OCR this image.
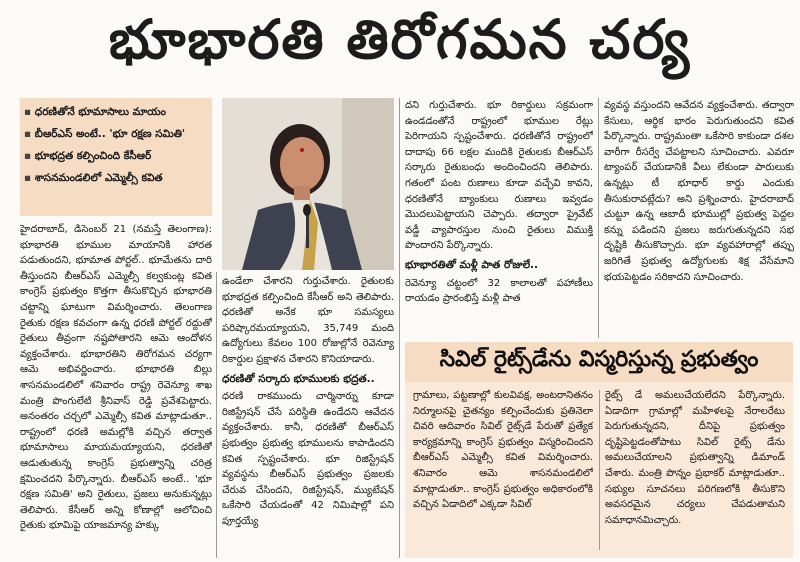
భూభారతి తిరోగమన చర్య
▪ ధరణితోనే భూమాసాలు మాయం
▪ బీఆర్ఎస్ అంటే.. 'భూ రక్షణ సమితి'
▪ భూభద్రత కల్పించింది కేసీఆర్
▪ శాసనమండలిలో ఎమ్మెల్సీ కవిత

హైదరాబాద్, డిసెంబర్ 21 (నమస్తే తెలంగాణ): భూభారతి భూముల మాయానికి హారత పడుతుందని, భూమాత పోర్టల్.. భూమేతను దారి తీస్తుందని బీఆర్ఎస్ ఎమ్మెల్సీ కల్వకుంట్ల కవిత కాంగ్రెస్ ప్రభుత్వం కొత్తగా తీసుకొచ్చిన భూభారతి చట్టాన్ని ఘాటుగా విమర్శించారు. తెలంగాణ రైతుకు రక్షణ కవచంగా ఉన్న ధరణి పోర్టల్ రద్దుతో రైతులు తీవ్రంగా నష్టపోతారని ఆమె ఆందోళన వ్యక్తంచేశారు. భూభారతిని తిరోగమన చర్యగా ఆమె అభివర్ణించారు. భూభారతి బిల్లు శాసనమండలిలో శనివారం రాష్ట్ర రెవెన్యూ శాఖ మంత్రి పొంగులేటి శ్రీనివాస్ రెడ్డి ప్రవేశపెట్టారు. అనంతరం చర్చలో ఎమ్మెల్సీ కవిత మాట్లాడుతూ.. రాష్ట్రంలో ధరణి అమల్లోకి వచ్చిన తర్వాత భూమాసాలు మాయమయ్యాయని, ధరణితో ఆడుతుతున్న కాంగ్రెస్ ప్రభుత్వాన్ని చరిత్ర క్షమించదని పేర్కొన్నారు. బీఆర్ఎస్ అంటే.. 'భూ రక్షణ సమితి' అని రైతులు, ప్రజలు అనుకున్నట్లు తెలిపారు. కేసీఆర్ అన్ని కోణాల్లో ఆలోచించి రైతుకు భూమిపై యాజమాన్య హక్కు

ఉండేలా చేశారని గుర్తుచేశారు. రైతులకు భూభద్రత కల్పించింది కేసీఆర్ అని తెలిపారు. ధరణితో అనేక భూ సమస్యలు పరిష్కారమయ్యాయని, 35,749 మంది ఉద్యోగులు కేవలం 100 రోజుల్లోనే రెవెన్యూ రికార్డుల ప్రక్షాళన చేశారని కొనియాడారు.

ధరణితో సర్కారు భూములకు భద్రత..

ధరణి రాకముందు చార్మినార్ను కూడా రిజిస్ట్రేషన్ చేసే పరిస్థితి ఉండేదని ఆవేదన వ్యక్తంచేశారు. కానీ, ధరణితో బీఆర్ఎస్ ప్రభుత్వం ప్రభుత్వ భూములను కాపాడిందని కవిత స్పష్టంచేశారు. భూ రిజిస్ట్రేషన్ వ్యవస్థను బీఆర్ఎస్ ప్రభుత్వం ప్రజలకు చేరువ చేసిందని, రిజిస్ట్రేషన్, మ్యుటేషన్ ఒకేసారి చేయడంతో 42 నిమిషాల్లో పని పూర్తయ్యే

దని గుర్తుచేశారు. భూ రికార్డులు సక్రమంగా ఉండడంతోనే రాష్ట్రంలో భూముల రేట్లు పెరిగాయని స్పష్టంచేశారు. ధరణితోనే రాష్ట్రంలో దాదాపు 66 లక్షల మందికి రైతులకు బీఆర్ఎస్ సర్కారు రైతుబంధు అందించిందని తెలిపారు. గతంలో పంట రుణాలు కూడా వచ్చేవి కావని, ధరణితోనే బ్యాంకులు రుణాలు ఇవ్వడం మొదలుపెట్టాయని చెప్పారు. తద్వారా ప్రైవేట్ వడ్డీ వ్యాపారస్తుల నుంచి రైతులు విముక్తి పొందారని పేర్కొన్నారు.

భూభారతితో మళ్లీ పాత రోజులే..

రెవెన్యూ చట్టంలో 32 కాలాలతో పహాణీలు రాయడం ప్రారంభిస్తే మళ్లీ పాత

వ్యవస్థ వస్తుందని ఆవేదన వ్యక్తంచేశారు. తద్వారా కేసులు, ఆర్థిక భారం పెరుగుతుందని కవిత పేర్కొన్నారు. రాష్ట్రమంతా ఒకేసారి కాకుండా దశల వారీగా రీసర్వే చేపట్టాలని సూచించారు. ఎవరూ ట్యాంపర్ చేయడానికి వీలు లేకుండా పారులుకు ఉన్నట్లు టీ భూధార్ కార్డు ఎందుకు తీసుకురావట్లేదు? అని ప్రశ్నించారు. హైదరాబాద్ చుట్టూ ఉన్న ఆబాదీ భూముల్లో ప్రభుత్వ పెద్దల కన్ను పడిందని ప్రజలు జరుగుతున్నదని సభ దృష్టికి తీసుకొచ్చారు. భూ వ్యవహారాల్లో తప్పు జరిగితే ప్రభుత్వ ఉద్యోగులకు శిక్ష వేసేమాని భయపెట్టడం సరికాదని సూచించారు.

సివిల్ రైట్స్‌డేను విస్మరిస్తున్న ప్రభుత్వం

గ్రామాలు, పట్టణాల్లో కులవివక్ష, అంటరానితనం నిర్మూలనపై చైతన్యం కల్పించేందుకు ప్రతినెలా చివరి ఆదివారం సివిల్ రైట్స్‌డే పేరుతో ప్రత్యేక కార్యక్రమాన్ని కాంగ్రెస్ ప్రభుత్వం విస్మరించిందని బీఆర్ఎస్ ఎమ్మెల్సీ కవిత విమర్శించారు. శనివారం ఆమె శాసనమండలిలో మాట్లాడుతూ.. కాంగ్రెస్ ప్రభుత్వం అధికారంలోకి వచ్చిన ఏడాదిలో ఎక్కడా సివిల్

రైట్స్ డే అమలుచేయలేదని పేర్కొన్నారు. ఏడాదిగా గ్రామాల్లో మహిళలపై నేరాలరేటు పెరుగుతున్నదని, దీనిపై ప్రభుత్వం దృష్టిపెట్టడంతోపాటు సివిల్ రైట్స్ డేను అమలుచేయాలని ప్రభుత్వాన్ని డిమాండ్ చేశారు. మంత్రి పొన్నం ప్రభాకర్ మాట్లాడుతూ.. సభ్యుల సూచనలు పరిగణలోకి తీసుకొని అవసరమైన చర్యలు చేపడుతామని సమాధానమిచ్చారు.
